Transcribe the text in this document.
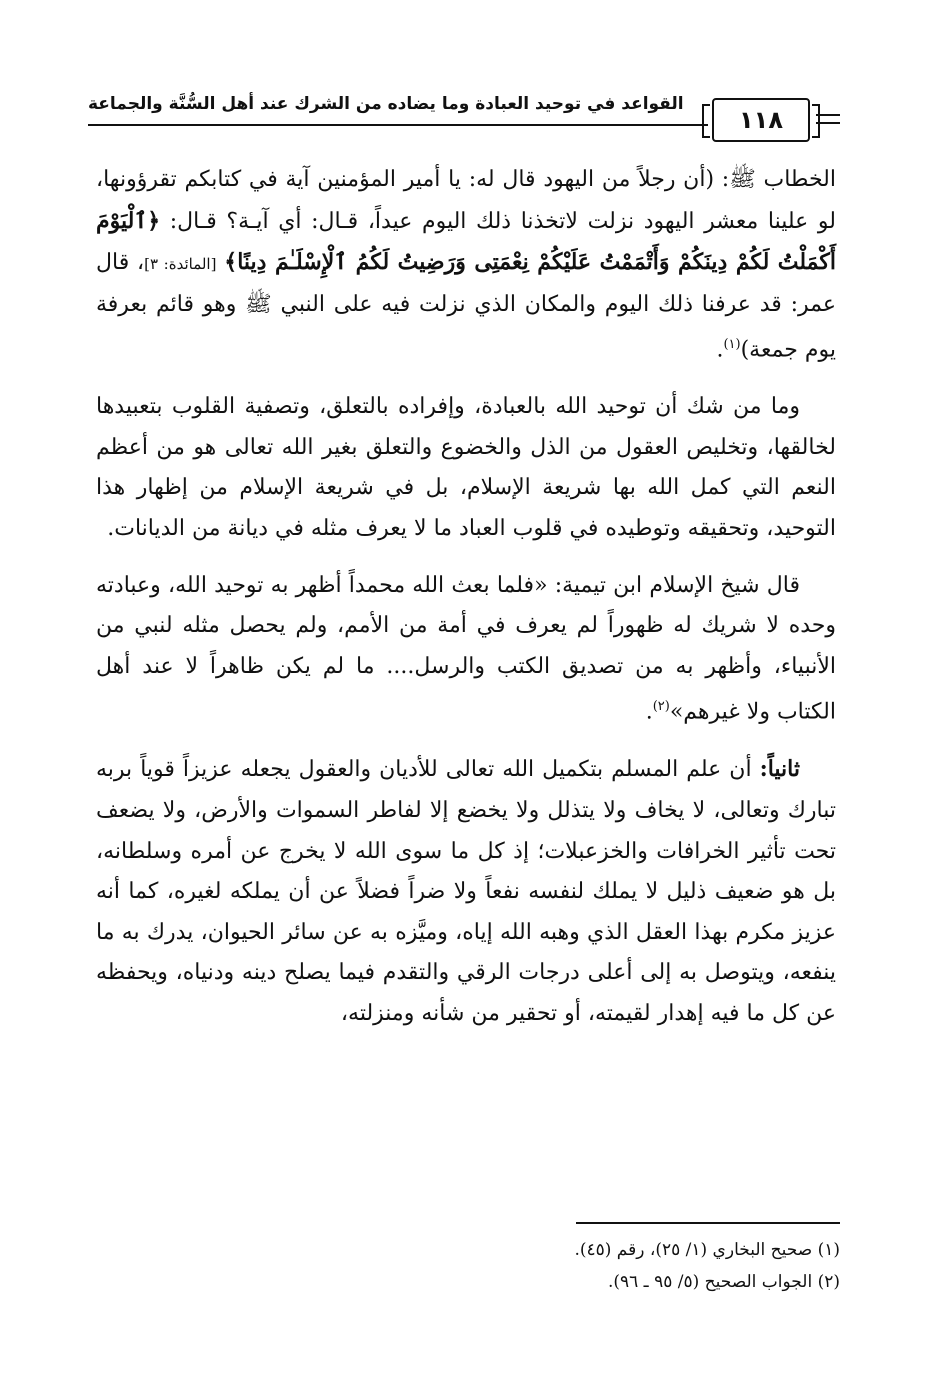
القواعد في توحيد العبادة وما يضاده من الشرك عند أهل السُّنَّة والجماعة
١١٨

الخطاب ﷺ: (أن رجلاً من اليهود قال له: يا أمير المؤمنين آية في كتابكم تقرؤونها، لو علينا معشر اليهود نزلت لاتخذنا ذلك اليوم عيداً، قـال: أي آيـة؟ قـال: ﴿ٱلْيَوْمَ أَكْمَلْتُ لَكُمْ دِينَكُمْ وَأَتْمَمْتُ عَلَيْكُمْ نِعْمَتِى وَرَضِيتُ لَكُمُ ٱلْإِسْلَـٰمَ دِينًا﴾ [المائدة: ٣]، قال عمر: قد عرفنا ذلك اليوم والمكان الذي نزلت فيه على النبي ﷺ وهو قائم بعرفة يوم جمعة)$^{(١)}$.

وما من شك أن توحيد الله بالعبادة، وإفراده بالتعلق، وتصفية القلوب بتعبيدها لخالقها، وتخليص العقول من الذل والخضوع والتعلق بغير الله تعالى هو من أعظم النعم التي كمل الله بها شريعة الإسلام، بل في شريعة الإسلام من إظهار هذا التوحيد، وتحقيقه وتوطيده في قلوب العباد ما لا يعرف مثله في ديانة من الديانات.

قال شيخ الإسلام ابن تيمية: «فلما بعث الله محمداً أظهر به توحيد الله، وعبادته وحده لا شريك له ظهوراً لم يعرف في أمة من الأمم، ولم يحصل مثله لنبي من الأنبياء، وأظهر به من تصديق الكتب والرسل.... ما لم يكن ظاهراً لا عند أهل الكتاب ولا غيرهم»$^{(٢)}$.

ثانياً: أن علم المسلم بتكميل الله تعالى للأديان والعقول يجعله عزيزاً قوياً بربه تبارك وتعالى، لا يخاف ولا يتذلل ولا يخضع إلا لفاطر السموات والأرض، ولا يضعف تحت تأثير الخرافات والخزعبلات؛ إذ كل ما سوى الله لا يخرج عن أمره وسلطانه، بل هو ضعيف ذليل لا يملك لنفسه نفعاً ولا ضراً فضلاً عن أن يملكه لغيره، كما أنه عزيز مكرم بهذا العقل الذي وهبه الله إياه، وميَّزه به عن سائر الحيوان، يدرك به ما ينفعه، ويتوصل به إلى أعلى درجات الرقي والتقدم فيما يصلح دينه ودنياه، ويحفظه عن كل ما فيه إهدار لقيمته، أو تحقير من شأنه ومنزلته،

(١) صحيح البخاري (١/ ٢٥)، رقم (٤٥).

(٢) الجواب الصحيح (٥/ ٩٥ ـ ٩٦).
